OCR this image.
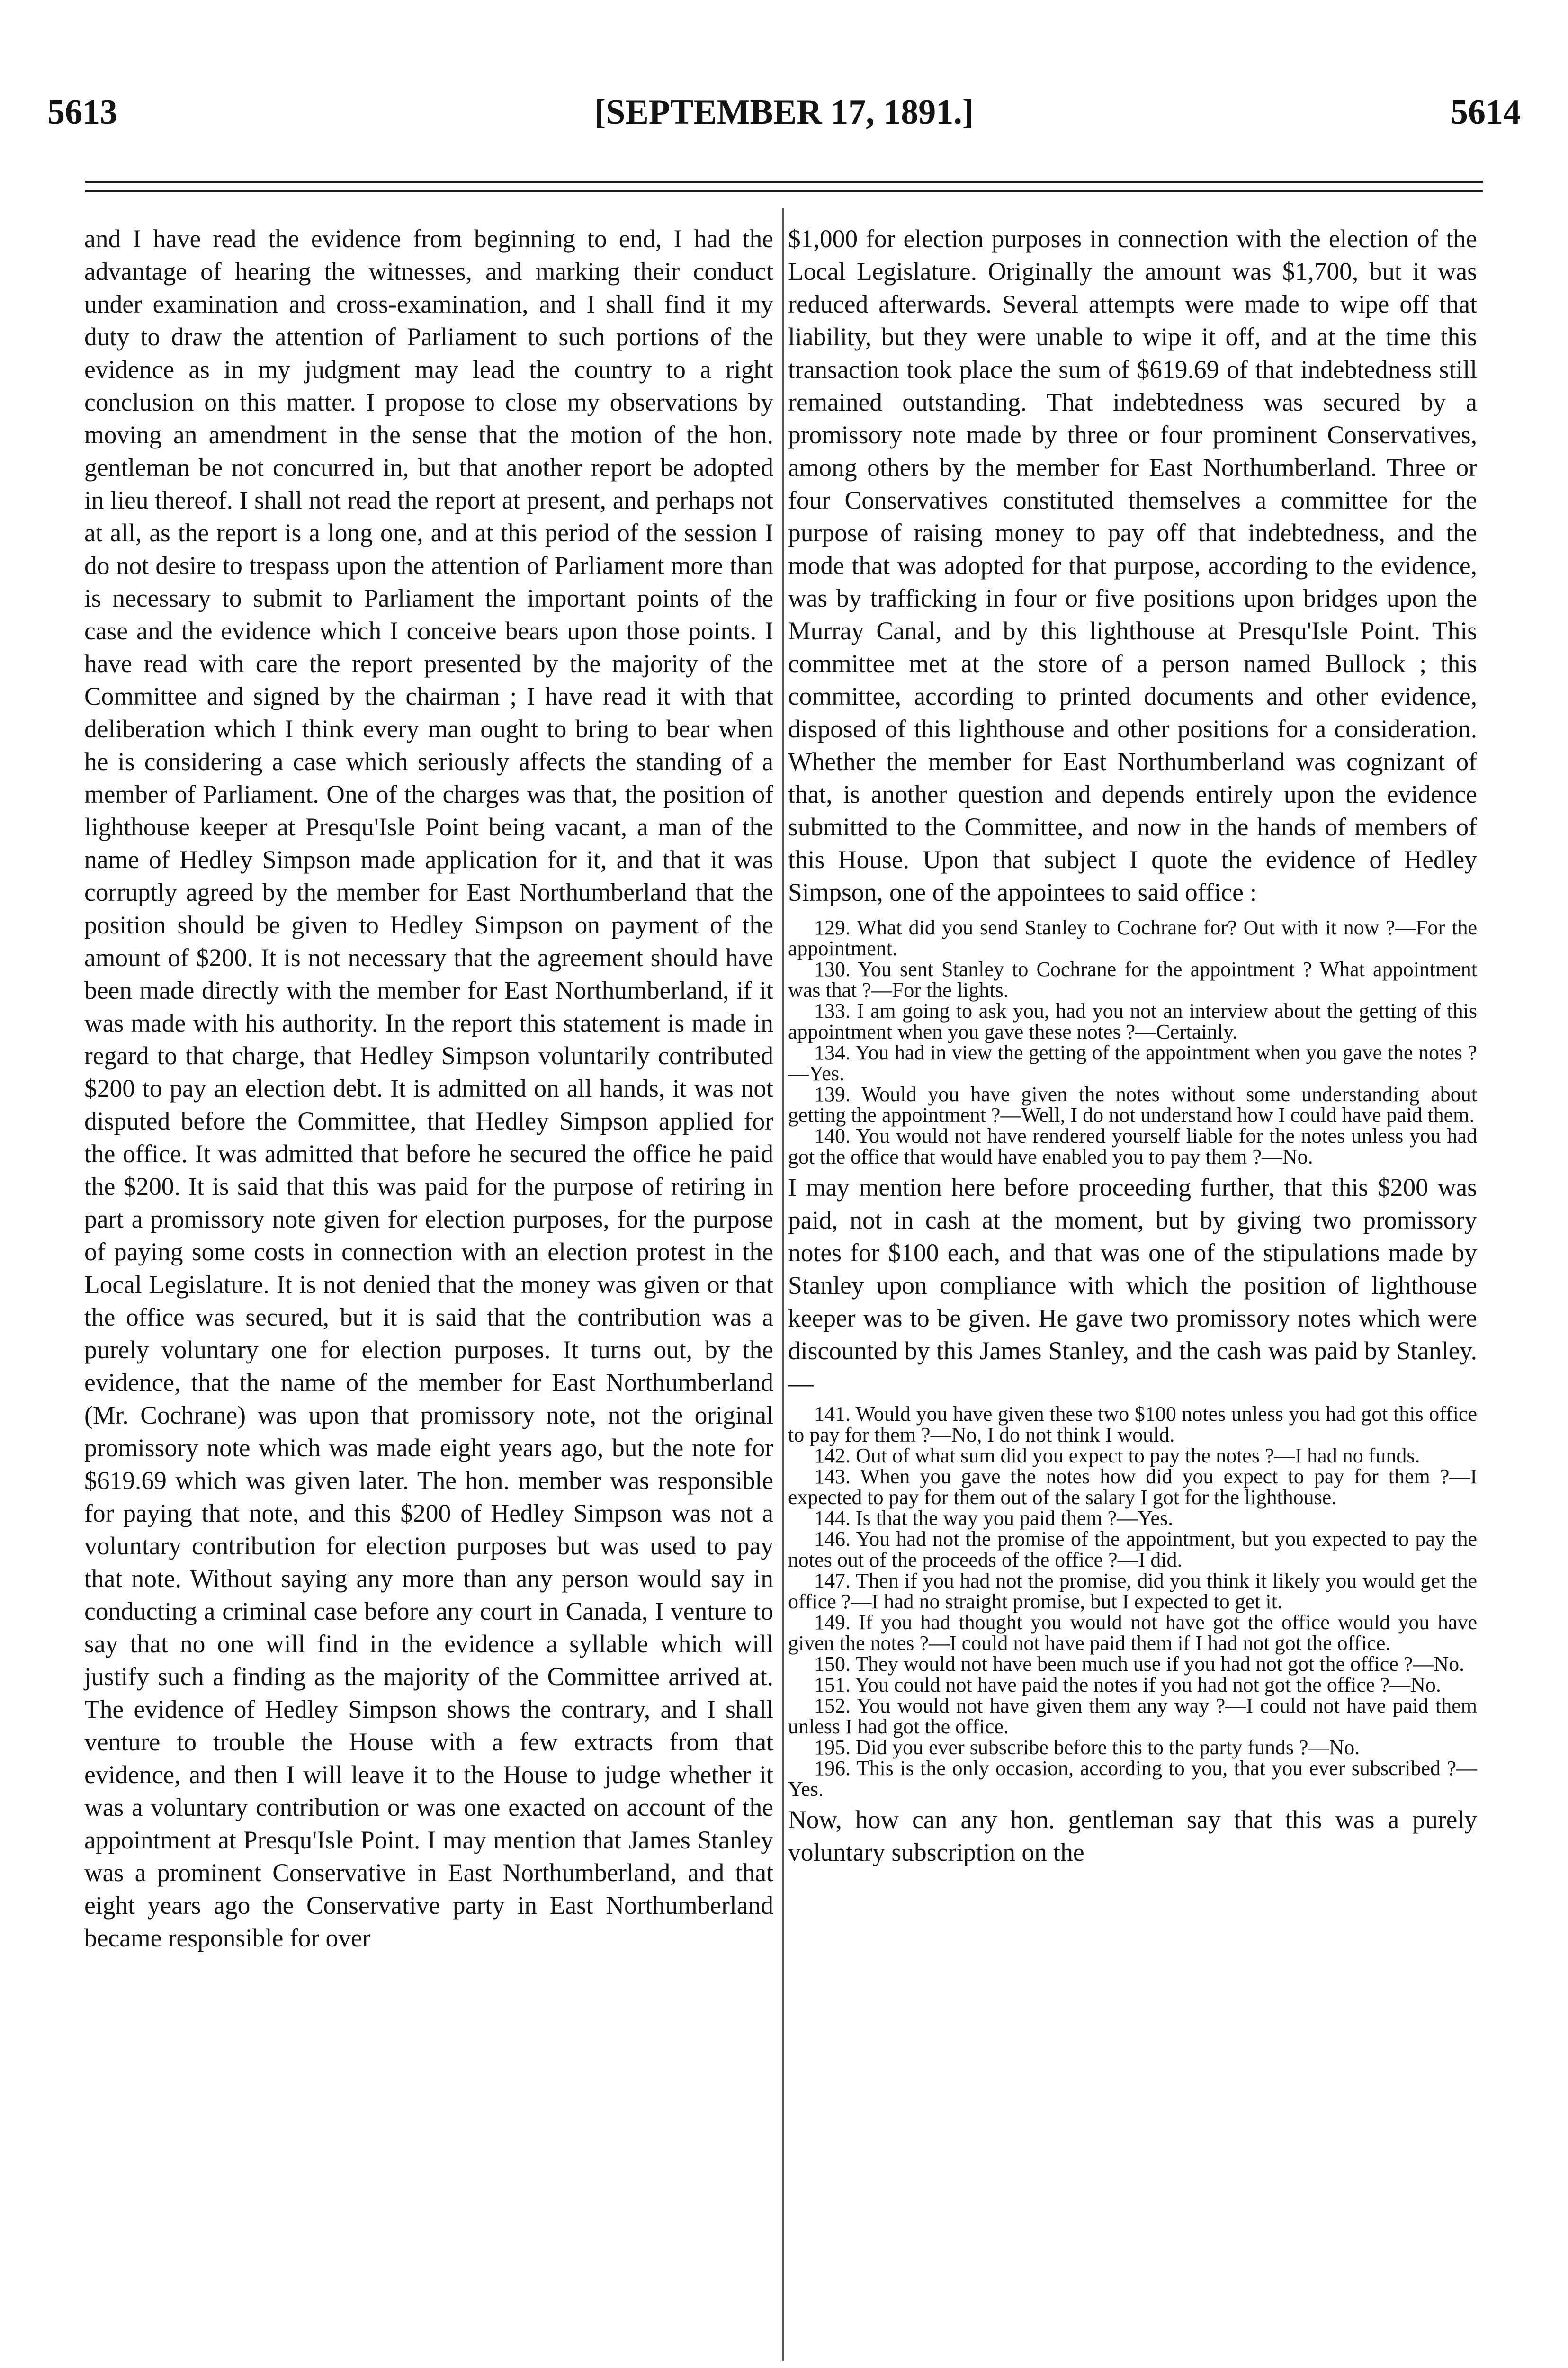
5613	[SEPTEMBER 17, 1891.]	5614

and I have read the evidence from beginning to end, I had the advantage of hearing the witnesses, and marking their conduct under examination and cross-examination, and I shall find it my duty to draw the attention of Parliament to such portions of the evidence as in my judgment may lead the country to a right conclusion on this matter. I propose to close my observations by moving an amendment in the sense that the motion of the hon. gentleman be not concurred in, but that another report be adopted in lieu thereof. I shall not read the report at present, and perhaps not at all, as the report is a long one, and at this period of the session I do not desire to trespass upon the attention of Parliament more than is necessary to submit to Parliament the important points of the case and the evidence which I conceive bears upon those points. I have read with care the report presented by the majority of the Committee and signed by the chairman ; I have read it with that deliberation which I think every man ought to bring to bear when he is considering a case which seriously affects the standing of a member of Parliament. One of the charges was that, the position of lighthouse keeper at Presqu'Isle Point being vacant, a man of the name of Hedley Simpson made application for it, and that it was corruptly agreed by the member for East Northumberland that the position should be given to Hedley Simpson on payment of the amount of $200. It is not necessary that the agreement should have been made directly with the member for East Northumberland, if it was made with his authority. In the report this statement is made in regard to that charge, that Hedley Simpson voluntarily contributed $200 to pay an election debt. It is admitted on all hands, it was not disputed before the Committee, that Hedley Simpson applied for the office. It was admitted that before he secured the office he paid the $200. It is said that this was paid for the purpose of retiring in part a promissory note given for election purposes, for the purpose of paying some costs in connection with an election protest in the Local Legislature. It is not denied that the money was given or that the office was secured, but it is said that the contribution was a purely voluntary one for election purposes. It turns out, by the evidence, that the name of the member for East Northumberland (Mr. Cochrane) was upon that promissory note, not the original promissory note which was made eight years ago, but the note for $619.69 which was given later. The hon. member was responsible for paying that note, and this $200 of Hedley Simpson was not a voluntary contribution for election purposes but was used to pay that note. Without saying any more than any person would say in conducting a criminal case before any court in Canada, I venture to say that no one will find in the evidence a syllable which will justify such a finding as the majority of the Committee arrived at. The evidence of Hedley Simpson shows the contrary, and I shall venture to trouble the House with a few extracts from that evidence, and then I will leave it to the House to judge whether it was a voluntary contribution or was one exacted on account of the appointment at Presqu'Isle Point. I may mention that James Stanley was a prominent Conservative in East Northumberland, and that eight years ago the Conservative party in East Northumberland became responsible for over

$1,000 for election purposes in connection with the election of the Local Legislature. Originally the amount was $1,700, but it was reduced afterwards. Several attempts were made to wipe off that liability, but they were unable to wipe it off, and at the time this transaction took place the sum of $619.69 of that indebtedness still remained outstanding. That indebtedness was secured by a promissory note made by three or four prominent Conservatives, among others by the member for East Northumberland. Three or four Conservatives constituted themselves a committee for the purpose of raising money to pay off that indebtedness, and the mode that was adopted for that purpose, according to the evidence, was by trafficking in four or five positions upon bridges upon the Murray Canal, and by this lighthouse at Presqu'Isle Point. This committee met at the store of a person named Bullock ; this committee, according to printed documents and other evidence, disposed of this lighthouse and other positions for a consideration. Whether the member for East Northumberland was cognizant of that, is another question and depends entirely upon the evidence submitted to the Committee, and now in the hands of members of this House. Upon that subject I quote the evidence of Hedley Simpson, one of the appointees to said office :

129. What did you send Stanley to Cochrane for? Out with it now ?—For the appointment.

130. You sent Stanley to Cochrane for the appointment ? What appointment was that ?—For the lights.

133. I am going to ask you, had you not an interview about the getting of this appointment when you gave these notes ?—Certainly.

134. You had in view the getting of the appointment when you gave the notes ?—Yes.

139. Would you have given the notes without some understanding about getting the appointment ?—Well, I do not understand how I could have paid them.

140. You would not have rendered yourself liable for the notes unless you had got the office that would have enabled you to pay them ?—No.

I may mention here before proceeding further, that this $200 was paid, not in cash at the moment, but by giving two promissory notes for $100 each, and that was one of the stipulations made by Stanley upon compliance with which the position of lighthouse keeper was to be given. He gave two promissory notes which were discounted by this James Stanley, and the cash was paid by Stanley.—

141. Would you have given these two $100 notes unless you had got this office to pay for them ?—No, I do not think I would.

142. Out of what sum did you expect to pay the notes ?—I had no funds.

143. When you gave the notes how did you expect to pay for them ?—I expected to pay for them out of the salary I got for the lighthouse.

144. Is that the way you paid them ?—Yes.

146. You had not the promise of the appointment, but you expected to pay the notes out of the proceeds of the office ?—I did.

147. Then if you had not the promise, did you think it likely you would get the office ?—I had no straight promise, but I expected to get it.

149. If you had thought you would not have got the office would you have given the notes ?—I could not have paid them if I had not got the office.

150. They would not have been much use if you had not got the office ?—No.

151. You could not have paid the notes if you had not got the office ?—No.

152. You would not have given them any way ?—I could not have paid them unless I had got the office.

195. Did you ever subscribe before this to the party funds ?—No.

196. This is the only occasion, according to you, that you ever subscribed ?—Yes.

Now, how can any hon. gentleman say that this was a purely voluntary subscription on the
